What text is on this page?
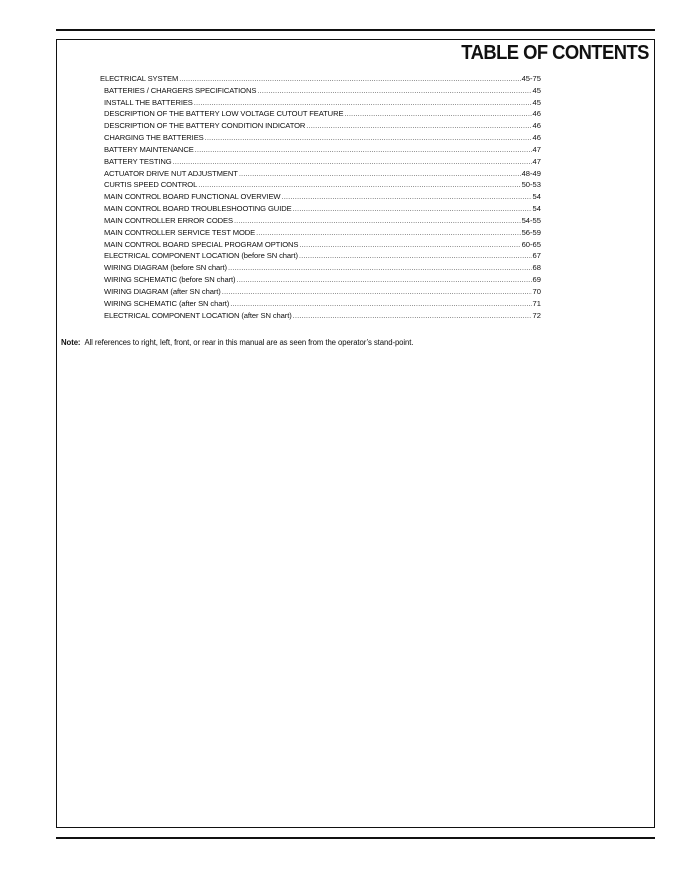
TABLE OF CONTENTS
ELECTRICAL SYSTEM .....	45-75
BATTERIES / CHARGERS SPECIFICATIONS .....	45
INSTALL THE BATTERIES .....	45
DESCRIPTION OF THE BATTERY LOW VOLTAGE CUTOUT FEATURE .....	46
DESCRIPTION OF THE BATTERY CONDITION INDICATOR .....	46
CHARGING THE BATTERIES .....	46
BATTERY MAINTENANCE .....	47
BATTERY TESTING .....	47
ACTUATOR DRIVE NUT ADJUSTMENT .....	48-49
CURTIS SPEED CONTROL .....	50-53
MAIN CONTROL BOARD FUNCTIONAL OVERVIEW .....	54
MAIN CONTROL BOARD TROUBLESHOOTING GUIDE .....	54
MAIN CONTROLLER ERROR CODES .....	54-55
MAIN CONTROLLER SERVICE TEST MODE .....	56-59
MAIN CONTROL BOARD SPECIAL PROGRAM OPTIONS .....	60-65
ELECTRICAL COMPONENT LOCATION (before SN chart) .....	67
WIRING DIAGRAM (before SN chart) .....	68
WIRING SCHEMATIC (before SN chart) .....	69
WIRING DIAGRAM (after SN chart) .....	70
WIRING SCHEMATIC (after SN chart) .....	71
ELECTRICAL COMPONENT LOCATION (after SN chart) .....	72
Note: All references to right, left, front, or rear in this manual are as seen from the operator’s stand-point.
